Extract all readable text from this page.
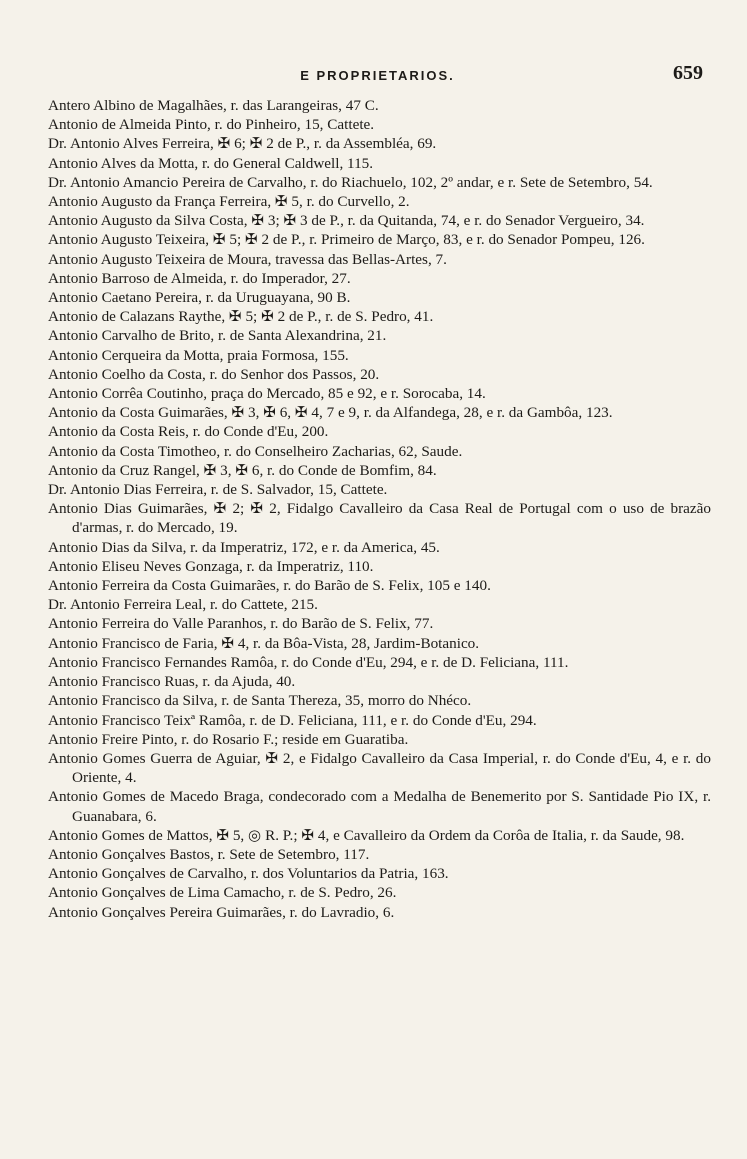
E PROPRIETARIOS.	659
Antero Albino de Magalhães, r. das Larangeiras, 47 C.
Antonio de Almeida Pinto, r. do Pinheiro, 15, Cattete.
Dr. Antonio Alves Ferreira, ✠ 6; ✠ 2 de P., r. da Assembléa, 69.
Antonio Alves da Motta, r. do General Caldwell, 115.
Dr. Antonio Amancio Pereira de Carvalho, r. do Riachuelo, 102, 2º andar, e r. Sete de Setembro, 54.
Antonio Augusto da França Ferreira, ✠ 5, r. do Curvello, 2.
Antonio Augusto da Silva Costa, ✠ 3; ✠ 3 de P., r. da Quitanda, 74, e r. do Senador Vergueiro, 34.
Antonio Augusto Teixeira, ✠ 5; ✠ 2 de P., r. Primeiro de Março, 83, e r. do Senador Pompeu, 126.
Antonio Augusto Teixeira de Moura, travessa das Bellas-Artes, 7.
Antonio Barroso de Almeida, r. do Imperador, 27.
Antonio Caetano Pereira, r. da Uruguayana, 90 B.
Antonio de Calazans Raythe, ✠ 5; ✠ 2 de P., r. de S. Pedro, 41.
Antonio Carvalho de Brito, r. de Santa Alexandrina, 21.
Antonio Cerqueira da Motta, praia Formosa, 155.
Antonio Coelho da Costa, r. do Senhor dos Passos, 20.
Antonio Corrêa Coutinho, praça do Mercado, 85 e 92, e r. Sorocaba, 14.
Antonio da Costa Guimarães, ✠ 3, ✠ 6, ✠ 4, 7 e 9, r. da Alfandega, 28, e r. da Gambôa, 123.
Antonio da Costa Reis, r. do Conde d'Eu, 200.
Antonio da Costa Timotheo, r. do Conselheiro Zacharias, 62, Saude.
Antonio da Cruz Rangel, ✠ 3, ✠ 6, r. do Conde de Bomfim, 84.
Dr. Antonio Dias Ferreira, r. de S. Salvador, 15, Cattete.
Antonio Dias Guimarães, ✠ 2; ✠ 2, Fidalgo Cavalleiro da Casa Real de Portugal com o uso de brazão d'armas, r. do Mercado, 19.
Antonio Dias da Silva, r. da Imperatriz, 172, e r. da America, 45.
Antonio Eliseu Neves Gonzaga, r. da Imperatriz, 110.
Antonio Ferreira da Costa Guimarães, r. do Barão de S. Felix, 105 e 140.
Dr. Antonio Ferreira Leal, r. do Cattete, 215.
Antonio Ferreira do Valle Paranhos, r. do Barão de S. Felix, 77.
Antonio Francisco de Faria, ✠ 4, r. da Bôa-Vista, 28, Jardim-Botanico.
Antonio Francisco Fernandes Ramôa, r. do Conde d'Eu, 294, e r. de D. Feliciana, 111.
Antonio Francisco Ruas, r. da Ajuda, 40.
Antonio Francisco da Silva, r. de Santa Thereza, 35, morro do Nhéco.
Antonio Francisco Teixª Ramôa, r. de D. Feliciana, 111, e r. do Conde d'Eu, 294.
Antonio Freire Pinto, r. do Rosario F.; reside em Guaratiba.
Antonio Gomes Guerra de Aguiar, ✠ 2, e Fidalgo Cavalleiro da Casa Imperial, r. do Conde d'Eu, 4, e r. do Oriente, 4.
Antonio Gomes de Macedo Braga, condecorado com a Medalha de Benemerito por S. Santidade Pio IX, r. Guanabara, 6.
Antonio Gomes de Mattos, ✠ 5, ◎ R. P.; ✠ 4, e Cavalleiro da Ordem da Corôa de Italia, r. da Saude, 98.
Antonio Gonçalves Bastos, r. Sete de Setembro, 117.
Antonio Gonçalves de Carvalho, r. dos Voluntarios da Patria, 163.
Antonio Gonçalves de Lima Camacho, r. de S. Pedro, 26.
Antonio Gonçalves Pereira Guimarães, r. do Lavradio, 6.
